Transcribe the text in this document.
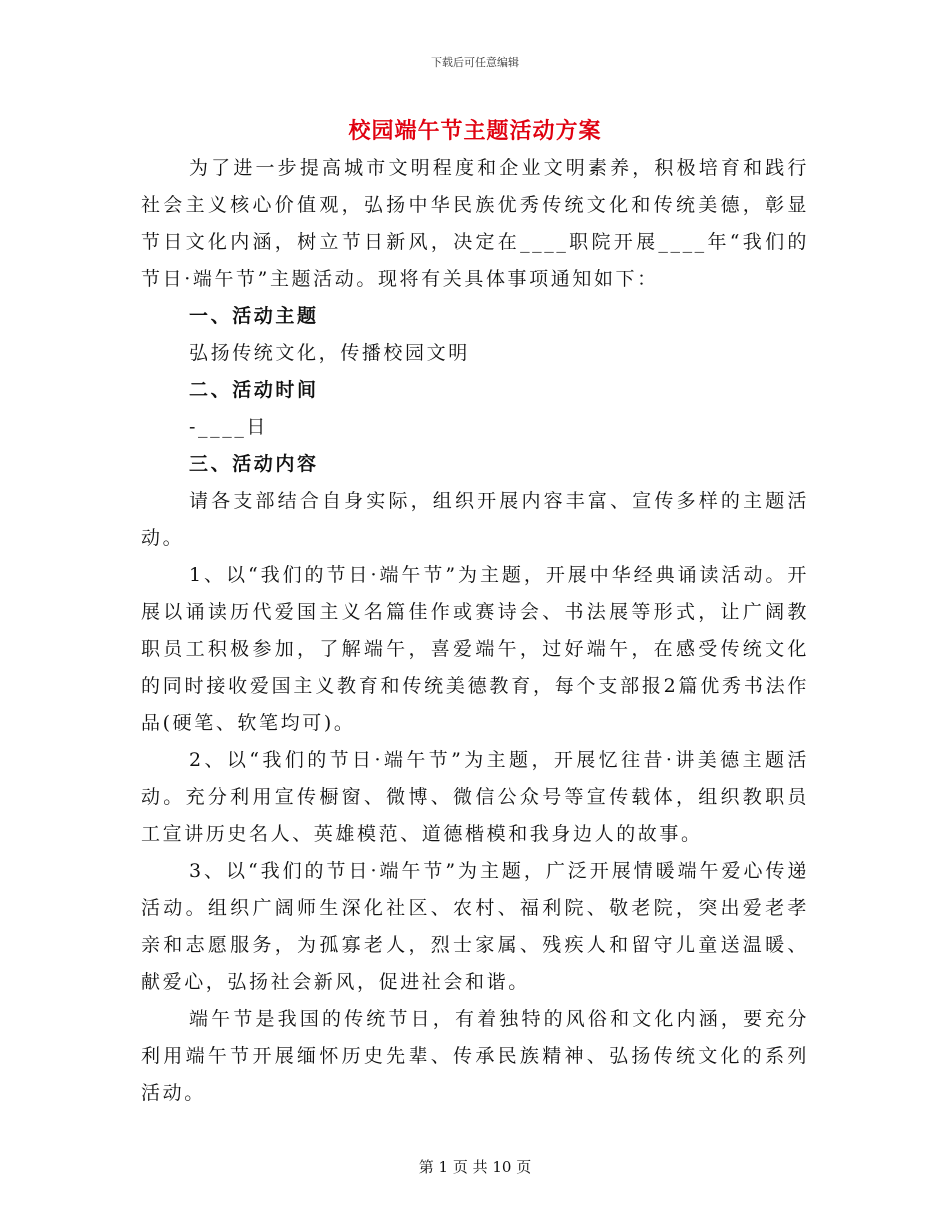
下载后可任意编辑
校园端午节主题活动方案

为了进一步提高城市文明程度和企业文明素养，积极培育和践行社会主义核心价值观，弘扬中华民族优秀传统文化和传统美德，彰显节日文化内涵，树立节日新风，决定在____职院开展____年“我们的节日·端午节”主题活动。现将有关具体事项通知如下：

一、活动主题

弘扬传统文化，传播校园文明

二、活动时间

-____日

三、活动内容

请各支部结合自身实际，组织开展内容丰富、宣传多样的主题活动。

1、以“我们的节日·端午节”为主题，开展中华经典诵读活动。开展以诵读历代爱国主义名篇佳作或赛诗会、书法展等形式，让广阔教职员工积极参加，了解端午，喜爱端午，过好端午，在感受传统文化的同时接收爱国主义教育和传统美德教育，每个支部报2篇优秀书法作品(硬笔、软笔均可)。

2、以“我们的节日·端午节”为主题，开展忆往昔·讲美德主题活动。充分利用宣传橱窗、微博、微信公众号等宣传载体，组织教职员工宣讲历史名人、英雄模范、道德楷模和我身边人的故事。

3、以“我们的节日·端午节”为主题，广泛开展情暖端午爱心传递活动。组织广阔师生深化社区、农村、福利院、敬老院，突出爱老孝亲和志愿服务，为孤寡老人，烈士家属、残疾人和留守儿童送温暖、献爱心，弘扬社会新风，促进社会和谐。

端午节是我国的传统节日，有着独特的风俗和文化内涵，要充分利用端午节开展缅怀历史先辈、传承民族精神、弘扬传统文化的系列活动。

第 1 页 共 10 页
